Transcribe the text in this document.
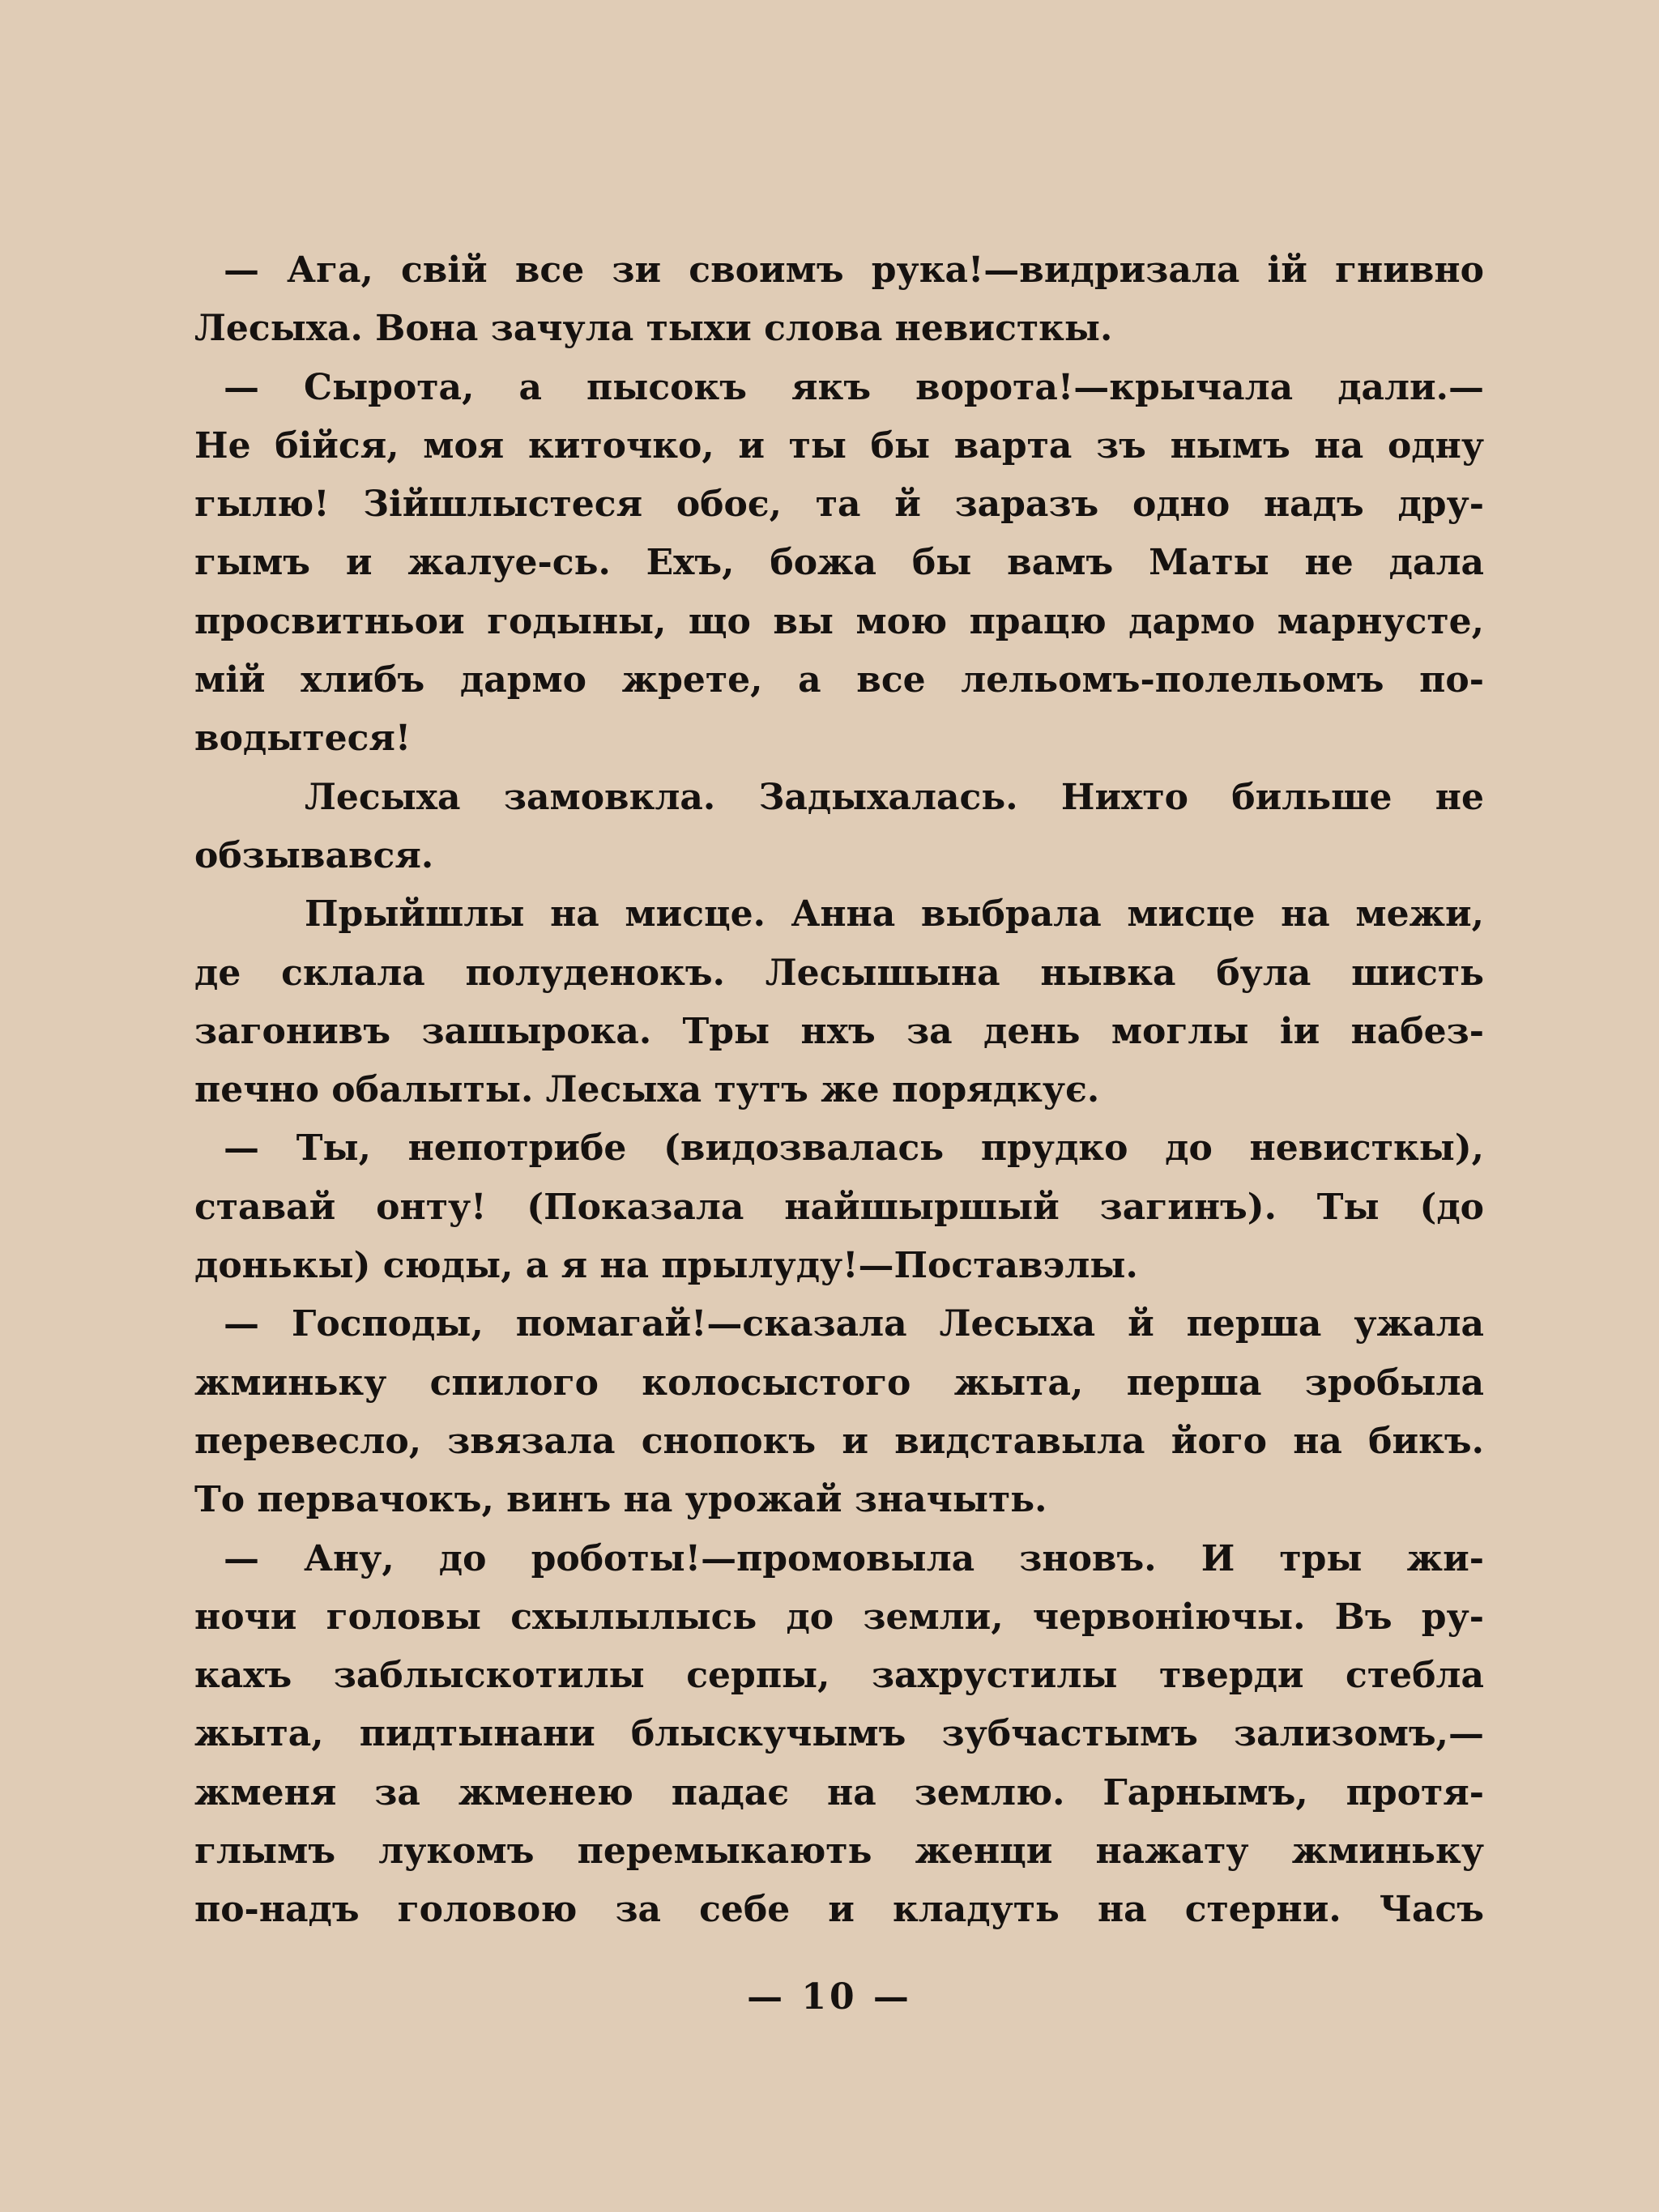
— Ага, свій все зи своимъ рука!—видризала ій гнивно
Лесыха. Вона зачула тыхи слова невисткы.
— Сырота, а пысокъ якъ ворота!—крычала дали.—
Не бійся, моя киточко, и ты бы варта зъ нымъ на одну
гылю! Зійшлыстеся обоє, та й заразъ одно надъ дру-
гымъ и жалуе-сь. Ехъ, божа бы вамъ Маты не дала
просвитньои годыны, що вы мою працю дармо марнусте,
мій хлибъ дармо жрете, а все лельомъ-полельомъ по-
водытеся!
Лесыха замовкла. Задыхалась. Нихто бильше не
обзывався.
Прыйшлы на мисце. Анна выбрала мисце на межи,
де склала полуденокъ. Лесышына нывка була шисть
загонивъ зашырока. Тры нхъ за день моглы іи набез-
печно обалыты. Лесыха тутъ же порядкує.
— Ты, непотрибе (видозвалась прудко до невисткы),
ставай онту! (Показала найшыршый загинъ). Ты (до
донькы) сюды, а я на прылуду!—Поставэлы.
— Господы, помагай!—сказала Лесыха й перша ужала
жминьку спилого колосыстого жыта, перша зробыла
перевесло, звязала снопокъ и видставыла його на бикъ.
То первачокъ, винъ на урожай значыть.
— Ану, до роботы!—промовыла зновъ. И тры жи-
ночи головы схылылысь до земли, червоніючы. Въ ру-
кахъ заблыскотилы серпы, захрустилы тверди стебла
жыта, пидтынани блыскучымъ зубчастымъ зализомъ,—
жменя за жменею падає на землю. Гарнымъ, протя-
глымъ лукомъ перемыкають женци нажату жминьку
по-надъ головою за себе и кладуть на стерни. Часъ
— 10 —
